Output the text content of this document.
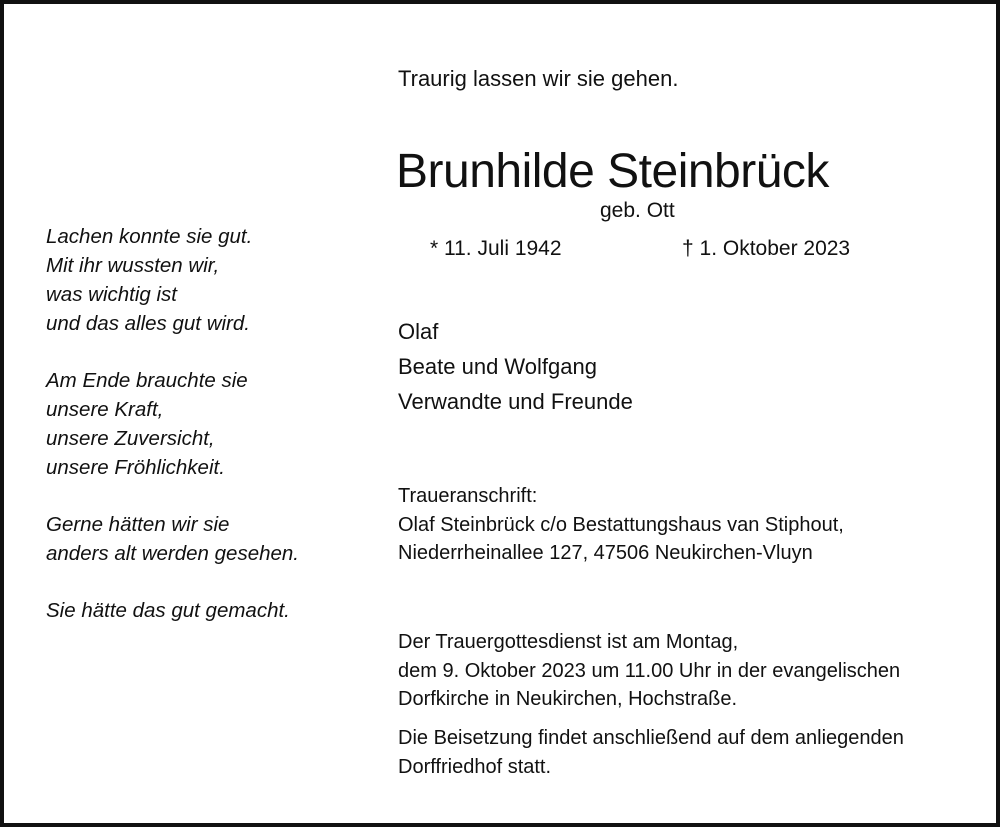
Lachen konnte sie gut.
Mit ihr wussten wir,
was wichtig ist
und das alles gut wird.
Am Ende brauchte sie
unsere Kraft,
unsere Zuversicht,
unsere Fröhlichkeit.
Gerne hätten wir sie
anders alt werden gesehen.
Sie hätte das gut gemacht.
Traurig lassen wir sie gehen.
Brunhilde Steinbrück
geb. Ott
* 11. Juli 1942	† 1. Oktober 2023
Olaf
Beate und Wolfgang
Verwandte und Freunde
Traueranschrift:
Olaf Steinbrück c/o Bestattungshaus van Stiphout,
Niederrheinallee 127, 47506 Neukirchen-Vluyn
Der Trauergottesdienst ist am Montag,
dem 9. Oktober 2023 um 11.00 Uhr in der evangelischen
Dorfkirche in Neukirchen, Hochstraße.
Die Beisetzung findet anschließend auf dem anliegenden
Dorffriedhof statt.
